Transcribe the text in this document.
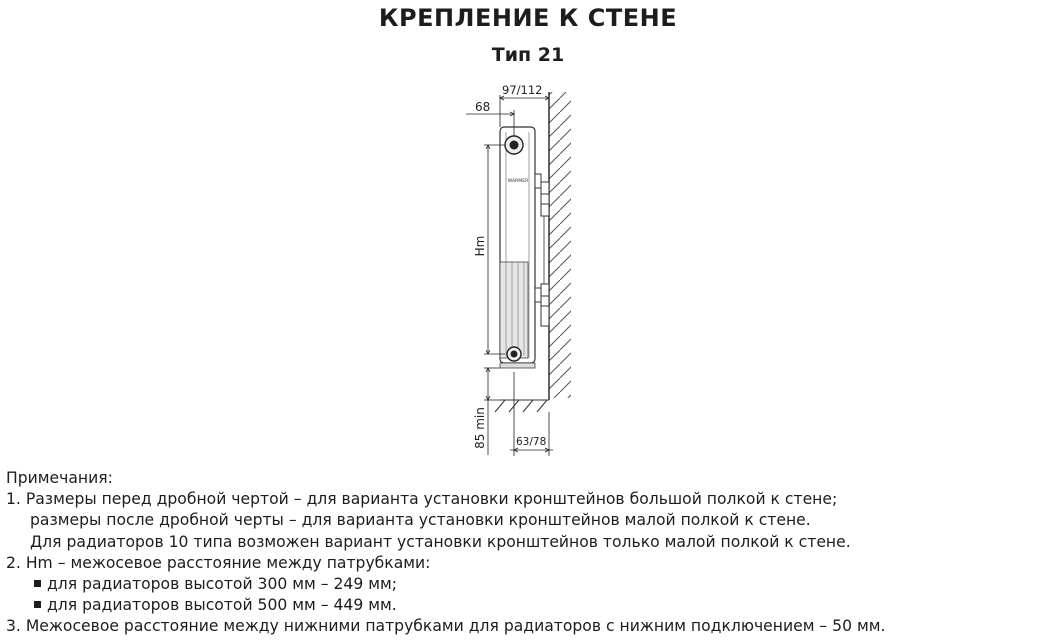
КРЕПЛЕНИЕ К СТЕНЕ
Тип 21
WARMER
97/112
68
Hm
85 min	63/78
Примечания:
1. Размеры перед дробной чертой – для варианта установки кронштейнов большой полкой к стене;
размеры после дробной черты – для варианта установки кронштейнов малой полкой к стене.
Для радиаторов 10 типа возможен вариант установки кронштейнов только малой полкой к стене.
2. Hm – межосевое расстояние между патрубками:
для радиаторов высотой 300 мм – 249 мм;
для радиаторов высотой 500 мм – 449 мм.
3. Межосевое расстояние между нижними патрубками для радиаторов с нижним подключением – 50 мм.
